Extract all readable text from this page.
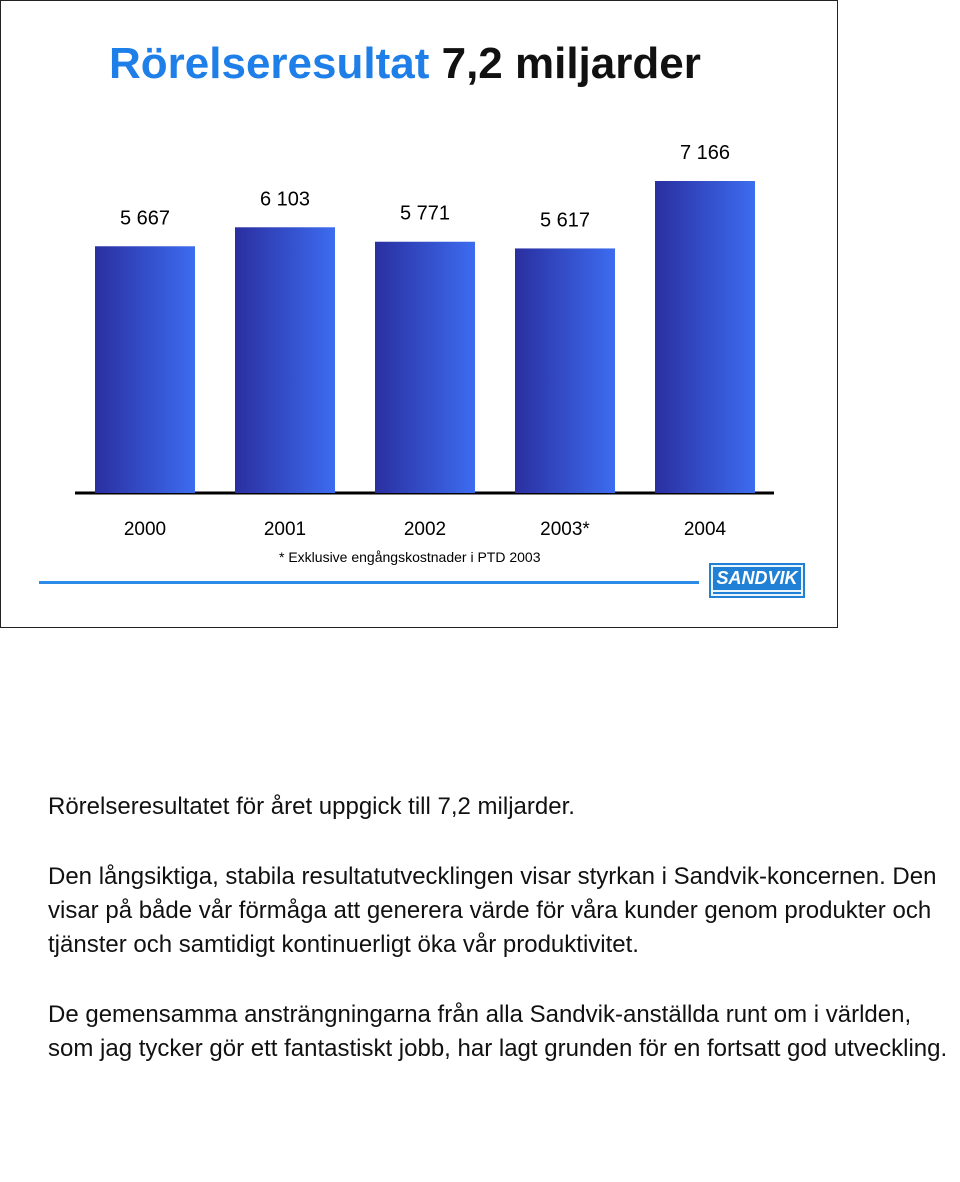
Rörelseresultat 7,2 miljarder
5 667
2000
6 103
2001
5 771
2002
5 617
2003*
7 166
2004
* Exklusive engångskostnader i PTD 2003
SANDVIK

Rörelseresultatet för året uppgick till 7,2 miljarder.

Den långsiktiga, stabila resultatutvecklingen visar styrkan i Sandvik-koncernen. Den visar på både vår förmåga att generera värde för våra kunder genom produkter och tjänster och samtidigt kontinuerligt öka vår produktivitet.

De gemensamma ansträngningarna från alla Sandvik-anställda runt om i världen, som jag tycker gör ett fantastiskt jobb, har lagt grunden för en fortsatt god utveckling.
